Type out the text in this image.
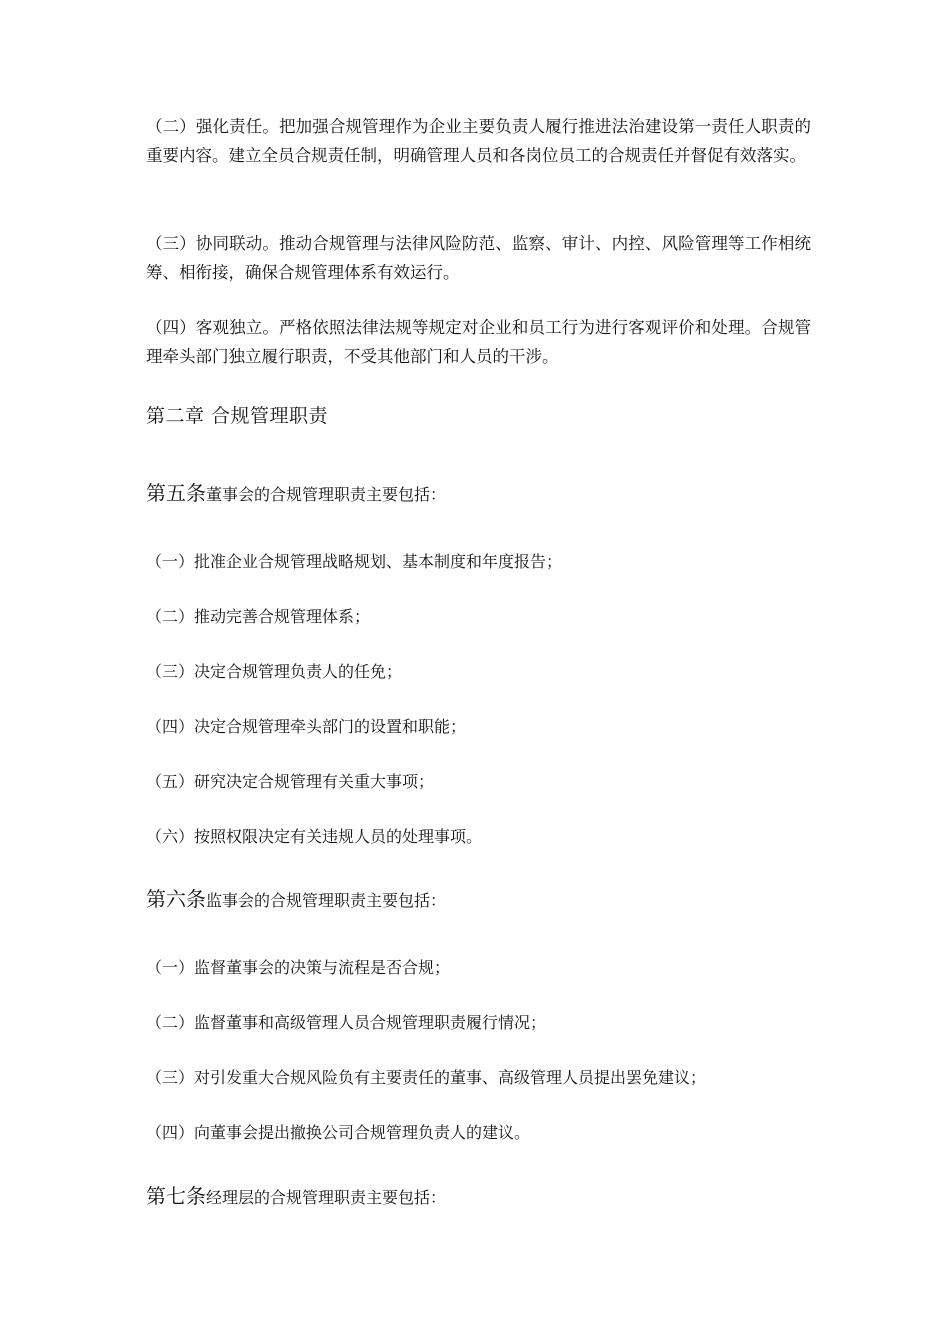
（二）强化责任。把加强合规管理作为企业主要负责人履行推进法治建设第一责任人职责的重要内容。建立全员合规责任制，明确管理人员和各岗位员工的合规责任并督促有效落实。

（三）协同联动。推动合规管理与法律风险防范、监察、审计、内控、风险管理等工作相统筹、相衔接，确保合规管理体系有效运行。

（四）客观独立。严格依照法律法规等规定对企业和员工行为进行客观评价和处理。合规管理牵头部门独立履行职责，不受其他部门和人员的干涉。

第二章 合规管理职责

第五条董事会的合规管理职责主要包括：

（一）批准企业合规管理战略规划、基本制度和年度报告；

（二）推动完善合规管理体系；

（三）决定合规管理负责人的任免；

（四）决定合规管理牵头部门的设置和职能；

（五）研究决定合规管理有关重大事项；

（六）按照权限决定有关违规人员的处理事项。

第六条监事会的合规管理职责主要包括：

（一）监督董事会的决策与流程是否合规；

（二）监督董事和高级管理人员合规管理职责履行情况；

（三）对引发重大合规风险负有主要责任的董事、高级管理人员提出罢免建议；

（四）向董事会提出撤换公司合规管理负责人的建议。

第七条经理层的合规管理职责主要包括：
